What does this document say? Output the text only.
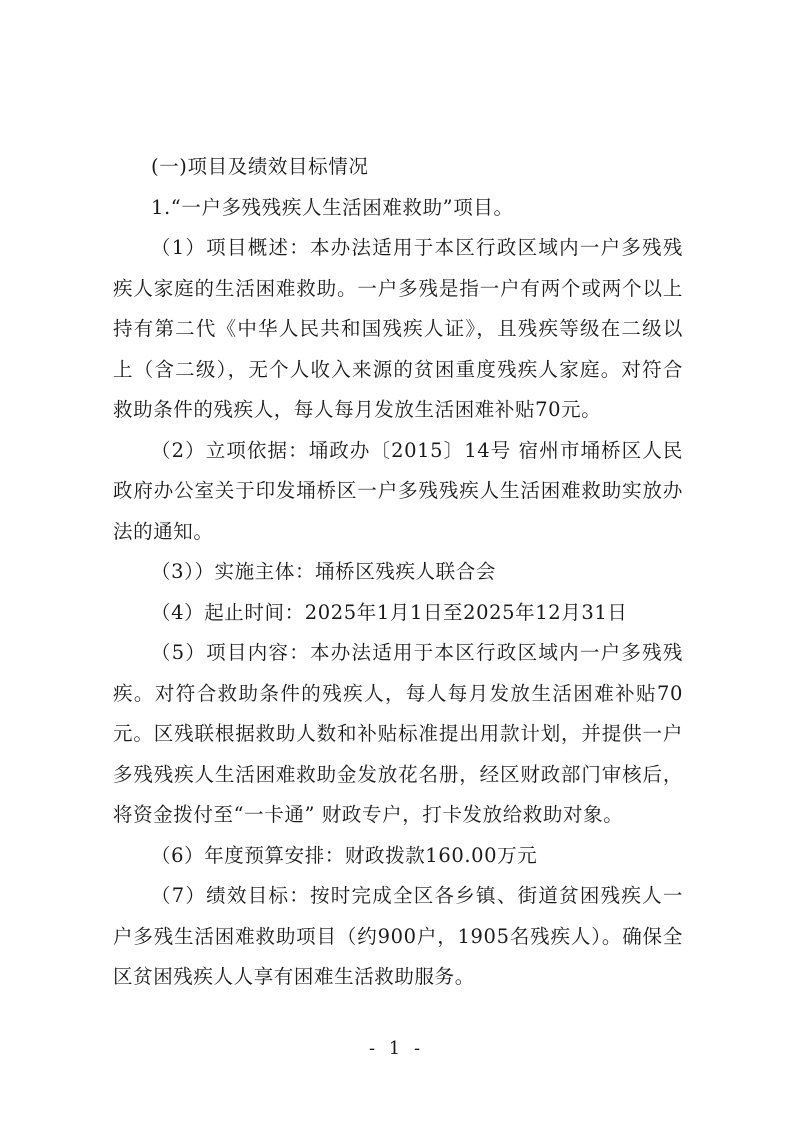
(一)项目及绩效目标情况

1.“一户多残残疾人生活困难救助”项目。

（1）项目概述：本办法适用于本区行政区域内一户多残残疾人家庭的生活困难救助。一户多残是指一户有两个或两个以上持有第二代《中华人民共和国残疾人证》，且残疾等级在二级以上（含二级），无个人收入来源的贫困重度残疾人家庭。对符合救助条件的残疾人，每人每月发放生活困难补贴70元。

（2）立项依据：埇政办〔2015〕14号 宿州市埇桥区人民政府办公室关于印发埇桥区一户多残残疾人生活困难救助实放办法的通知。

（3））实施主体：埇桥区残疾人联合会

（4）起止时间：2025年1月1日至2025年12月31日

（5）项目内容：本办法适用于本区行政区域内一户多残残疾。对符合救助条件的残疾人，每人每月发放生活困难补贴70元。区残联根据救助人数和补贴标准提出用款计划，并提供一户多残残疾人生活困难救助金发放花名册，经区财政部门审核后，将资金拨付至“一卡通” 财政专户，打卡发放给救助对象。

（6）年度预算安排：财政拨款160.00万元

（7）绩效目标：按时完成全区各乡镇、街道贫困残疾人一户多残生活困难救助项目（约900户，1905名残疾人）。确保全区贫困残疾人人享有困难生活救助服务。

- 1 -
